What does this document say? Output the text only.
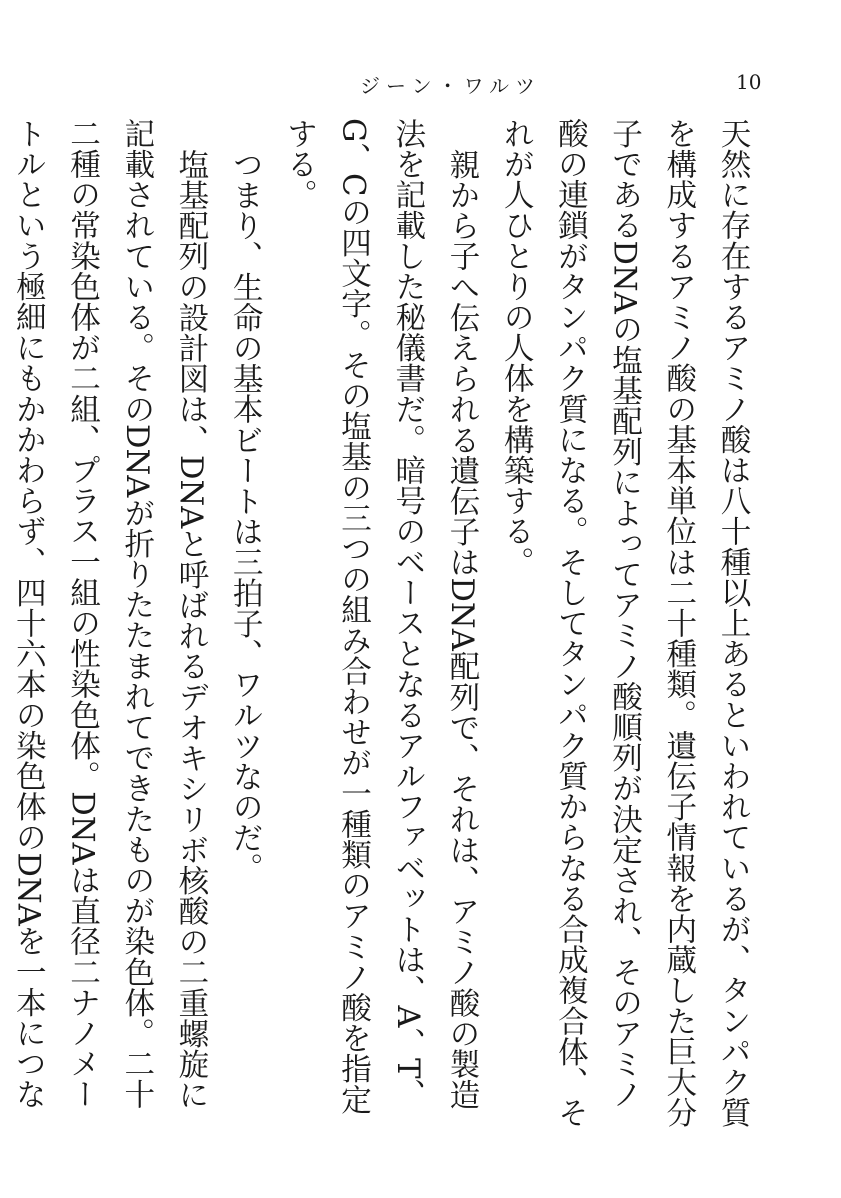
ジーン・ワルツ	10

天然に存在するアミノ酸は八十種以上あるといわれているが、タンパク質を構成するアミノ酸の基本単位は二十種類。遺伝子情報を内蔵した巨大分子であるDNAの塩基配列によってアミノ酸順列が決定され、そのアミノ酸の連鎖がタンパク質になる。そしてタンパク質からなる合成複合体、それが人ひとりの人体を構築する。

親から子へ伝えられる遺伝子はDNA配列で、それは、アミノ酸の製造法を記載した秘儀書だ。暗号のベースとなるアルファベットは、A、T、G、Cの四文字。その塩基の三つの組み合わせが一種類のアミノ酸を指定する。

つまり、生命の基本ビートは三拍子、ワルツなのだ。

塩基配列の設計図は、DNAと呼ばれるデオキシリボ核酸の二重螺旋に記載されている。そのDNAが折りたたまれてできたものが染色体。二十二種の常染色体が二組、プラス一組の性染色体。DNAは直径二ナノメートルという極細にもかかわらず、四十六本の染色体のDNAを一本につな
